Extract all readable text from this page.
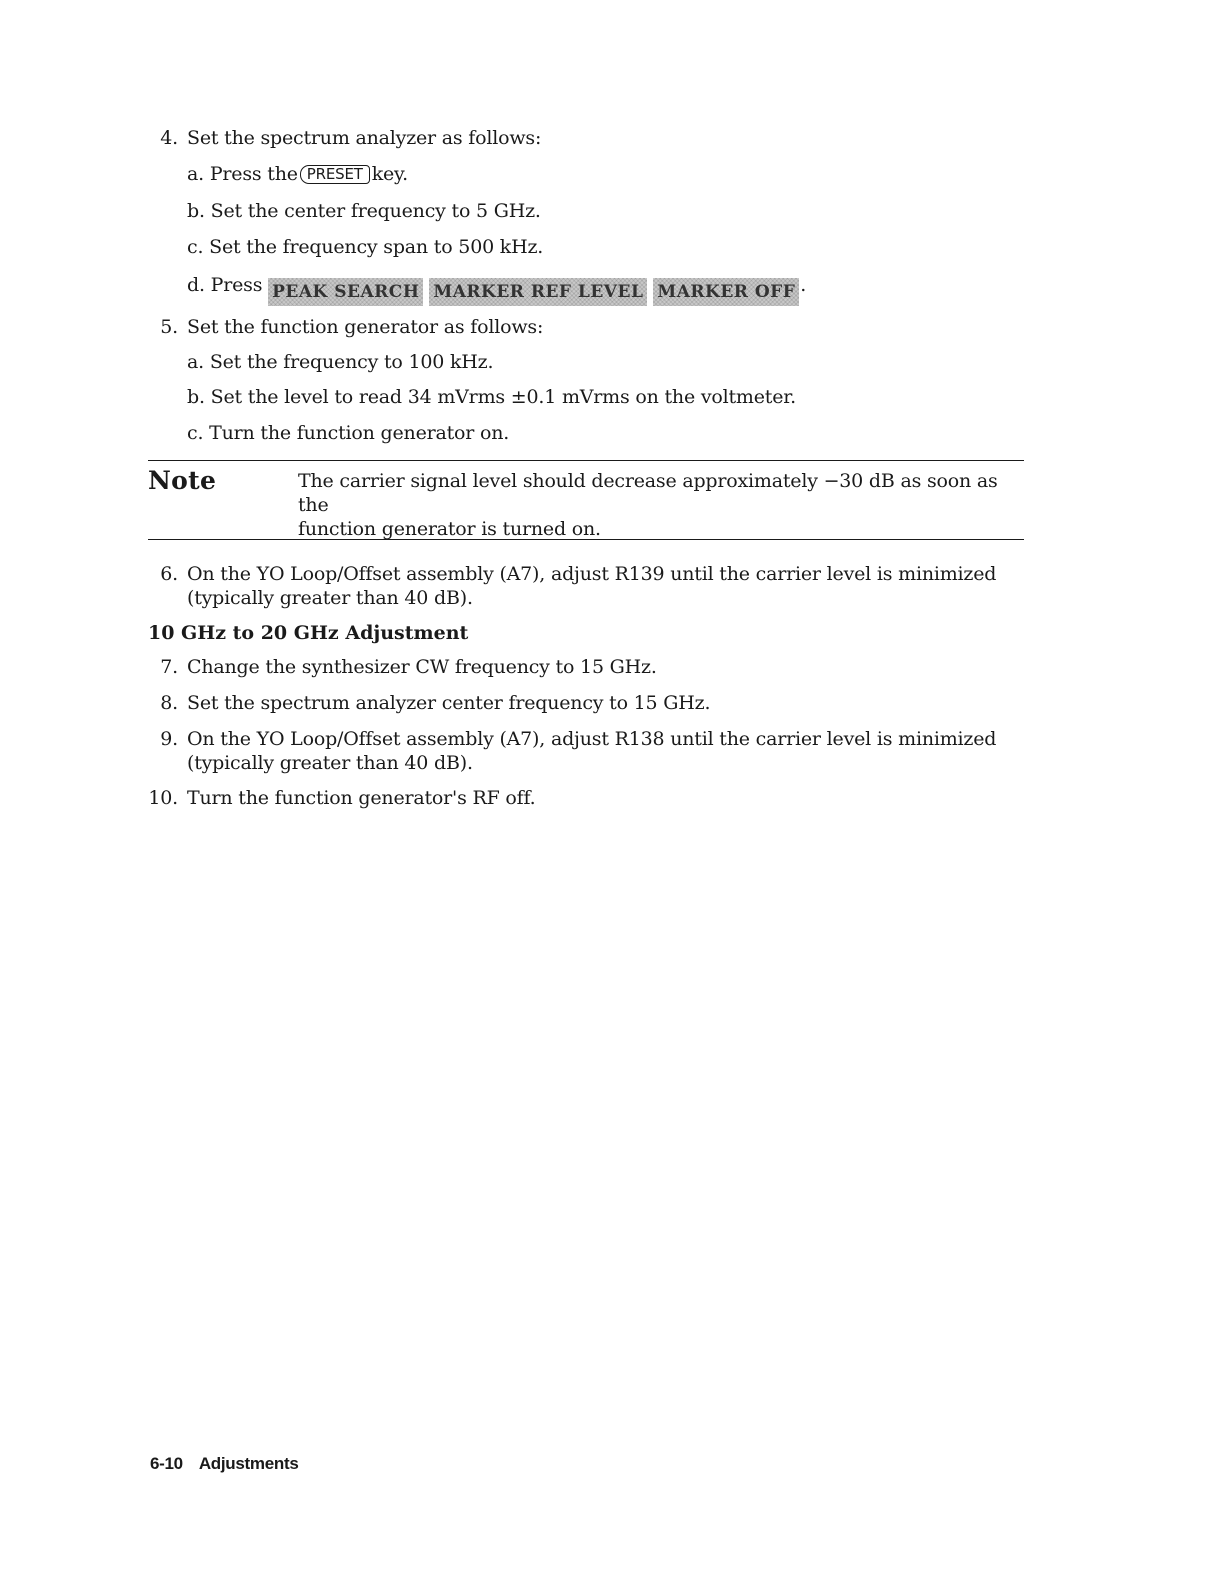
4. Set the spectrum analyzer as follows:
a. Press the PRESET key.
b. Set the center frequency to 5 GHz.
c. Set the frequency span to 500 kHz.
d. Press PEAK SEARCH MARKER REF LEVEL MARKER OFF .
5. Set the function generator as follows:
a. Set the frequency to 100 kHz.
b. Set the level to read 34 mVrms ±0.1 mVrms on the voltmeter.
c. Turn the function generator on.
Note	The carrier signal level should decrease approximately −30 dB as soon as the
function generator is turned on.
6. On the YO Loop/Offset assembly (A7), adjust R139 until the carrier level is minimized
(typically greater than 40 dB).
10 GHz to 20 GHz Adjustment
7. Change the synthesizer CW frequency to 15 GHz.
8. Set the spectrum analyzer center frequency to 15 GHz.
9. On the YO Loop/Offset assembly (A7), adjust R138 until the carrier level is minimized
(typically greater than 40 dB).
10. Turn the function generator's RF off.
6-10 Adjustments
